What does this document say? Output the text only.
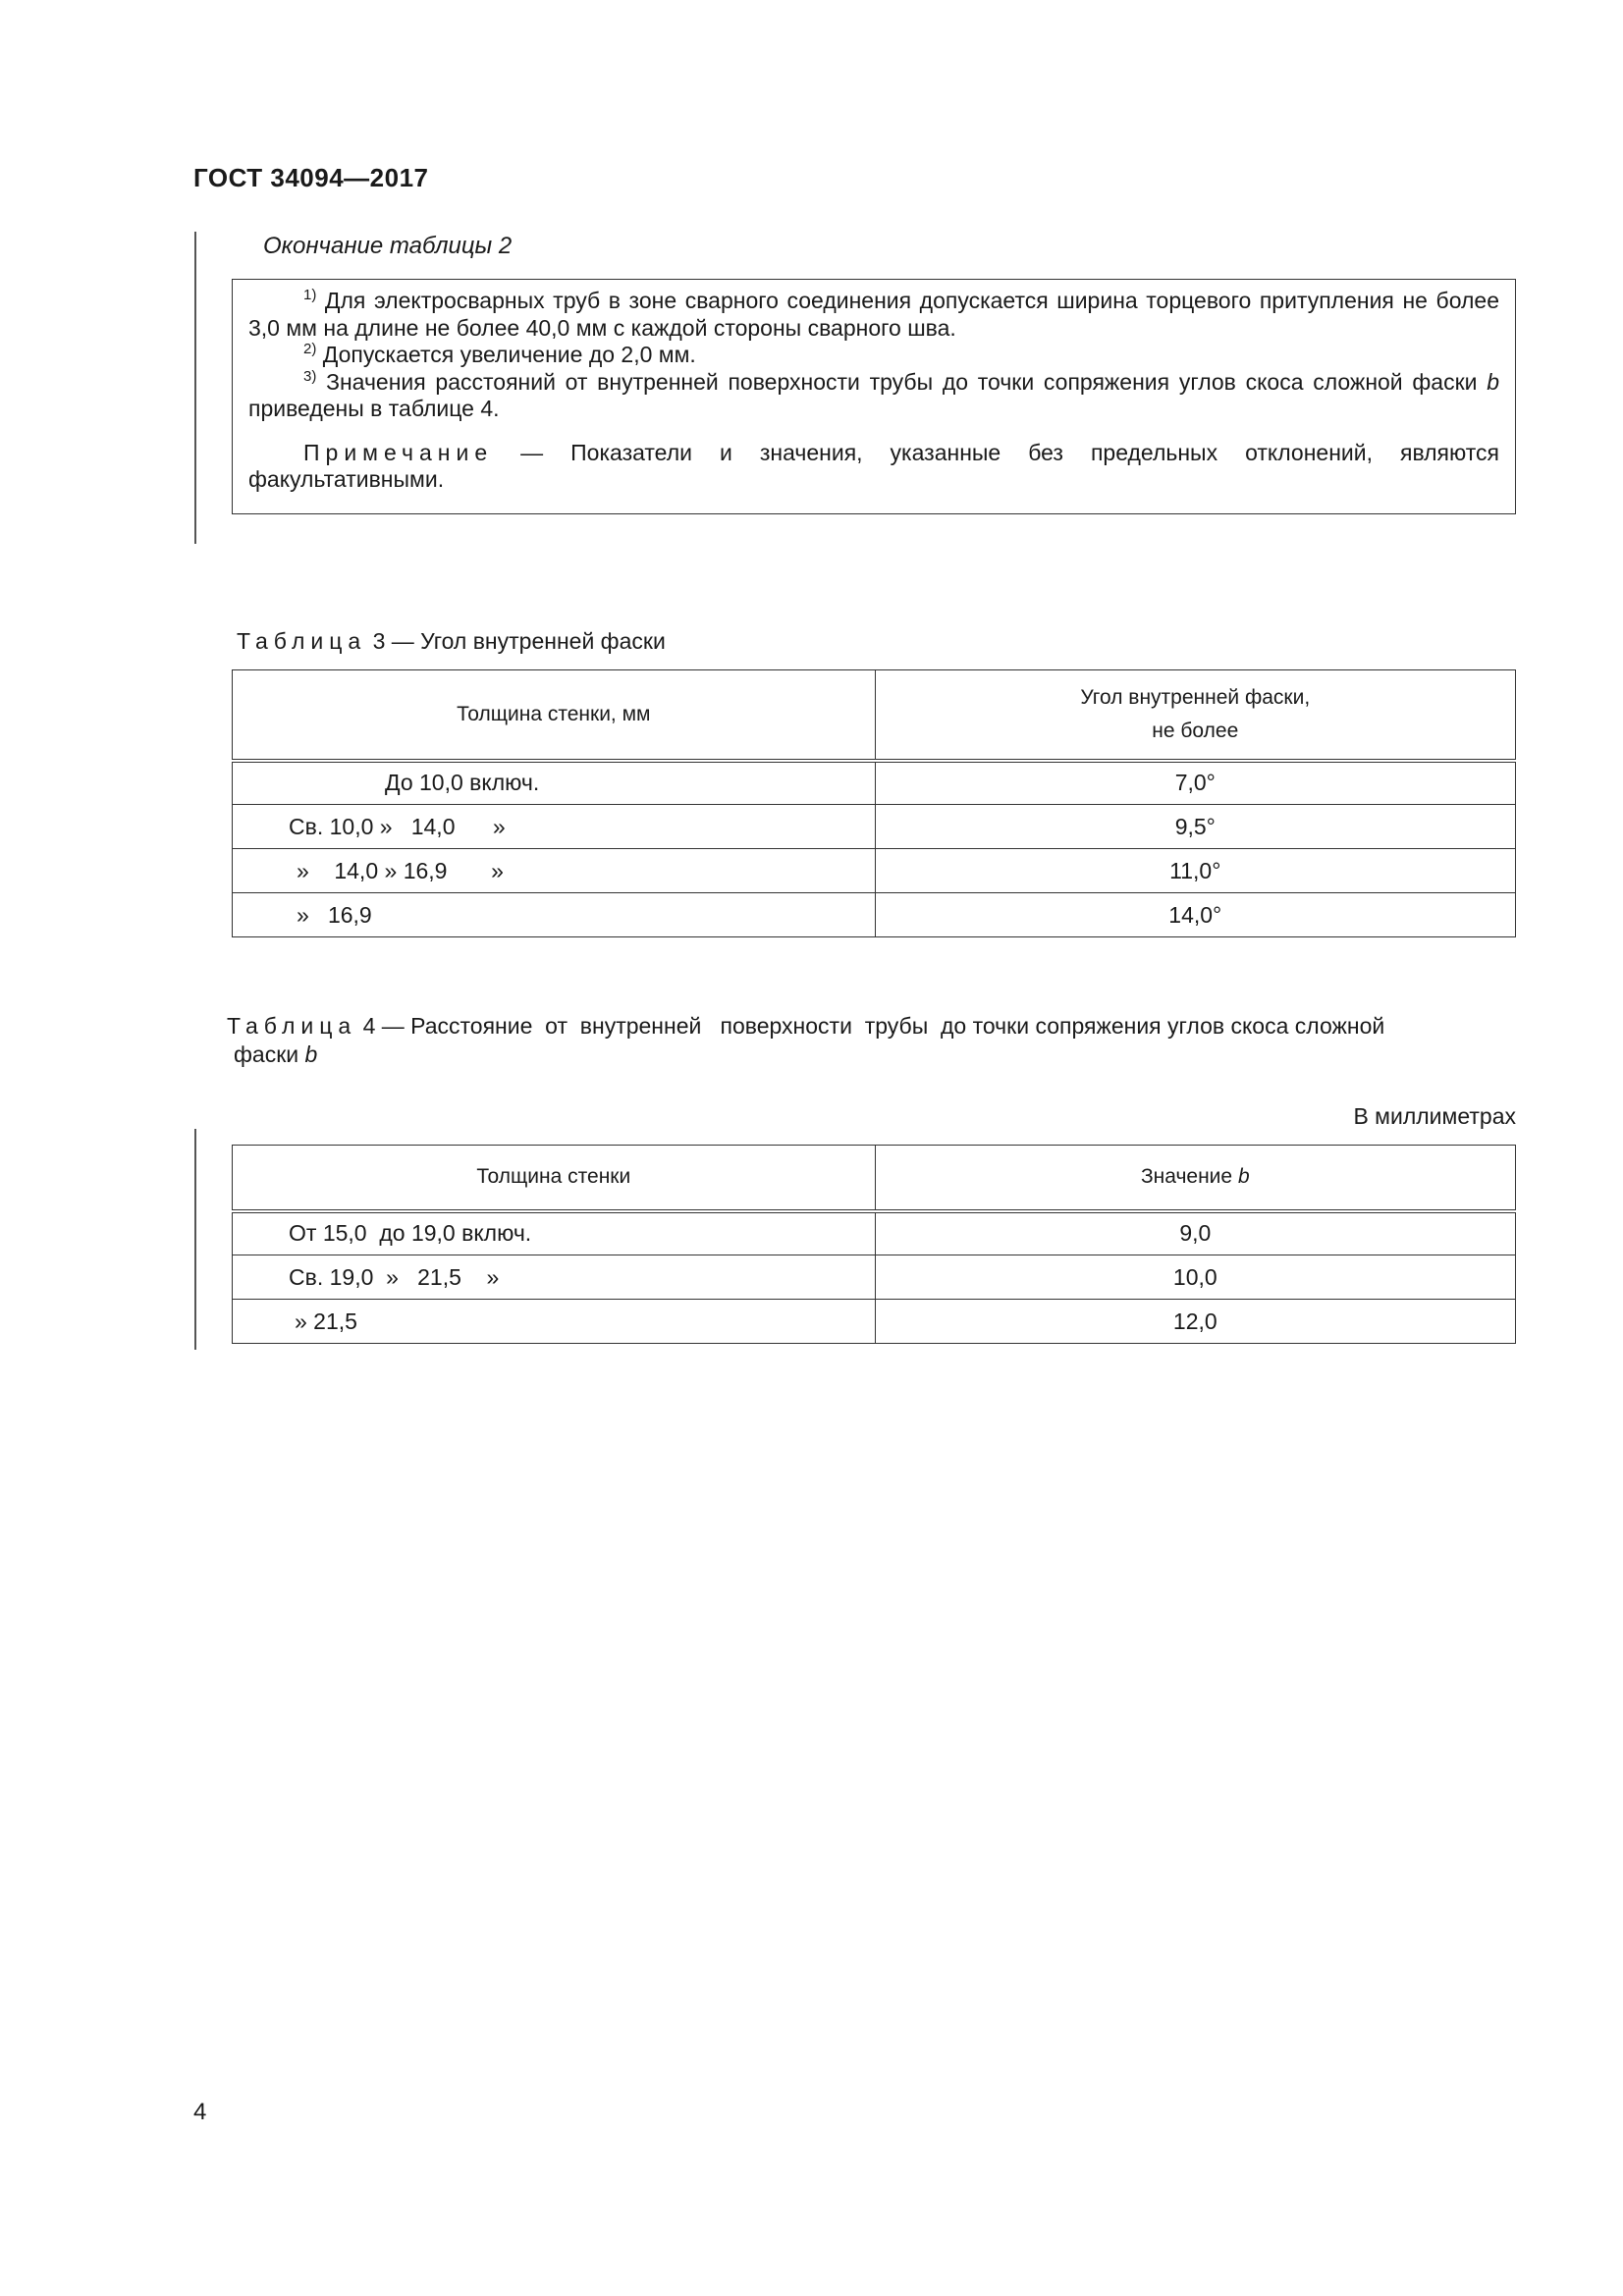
ГОСТ 34094—2017
Окончание таблицы 2

$^{1)}$ Для электросварных труб в зоне сварного соединения допускается ширина торцевого притупления не более 3,0 мм на длине не более 40,0 мм с каждой стороны сварного шва.

$^{2)}$ Допускается увеличение до 2,0 мм.

$^{3)}$ Значения расстояний от внутренней поверхности трубы до точки сопряжения углов скоса сложной фаски b приведены в таблице 4.

Примечание — Показатели и значения, указанные без предельных отклонений, являются факультативными.

Таблица 3 — Угол внутренней фаски
Толщина стенки, мм	Угол внутренней фаски,
не более

До 10,0 включ.	7,0°
Св. 10,0 »   14,0      »	9,5°
»    14,0 » 16,9       »	11,0°
»   16,9	14,0°
Таблица 4 — Расстояние  от  внутренней   поверхности  трубы  до точки сопряжения углов скоса сложной
фаски b
В миллиметрах
Толщина стенки	Значение b
От 15,0  до 19,0 включ.	9,0
Св. 19,0  »   21,5    »	10,0
» 21,5	12,0
4
